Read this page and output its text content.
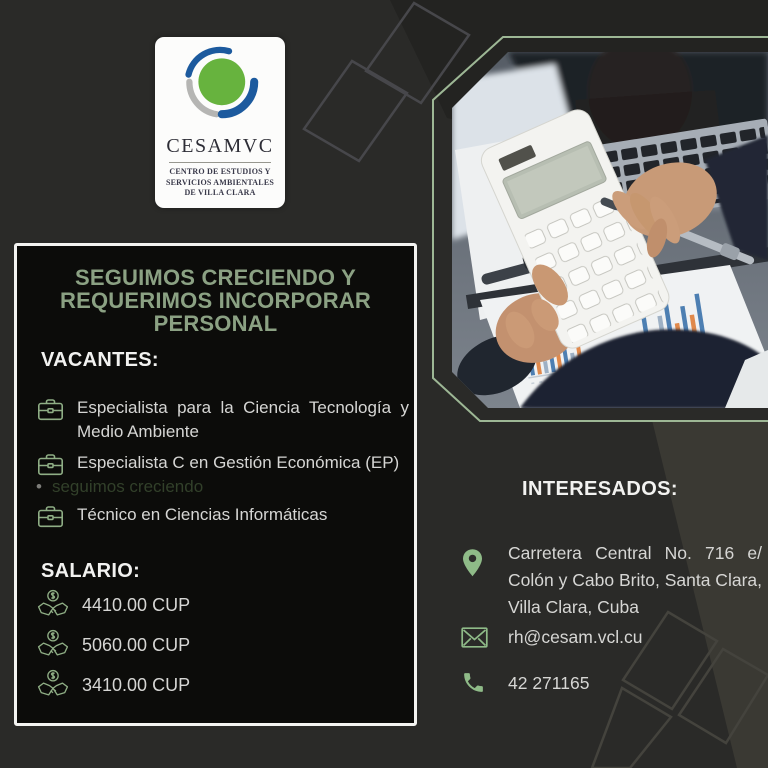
CESAMVC
CENTRO DE ESTUDIOS Y
SERVICIOS AMBIENTALES
DE VILLA CLARA
SEGUIMOS CRECIENDO Y REQUERIMOS INCORPORAR PERSONAL
VACANTES:
Especialista para la Ciencia Tecnología y Medio Ambiente
Especialista C en Gestión Económica (EP)
• seguimos creciendo
Técnico en Ciencias Informáticas
SALARIO:
4410.00 CUP
5060.00 CUP
3410.00 CUP
INTERESADOS:
Carretera Central No. 716 e/ Colón y Cabo Brito, Santa Clara, Villa Clara, Cuba
rh@cesam.vcl.cu
42 271165
